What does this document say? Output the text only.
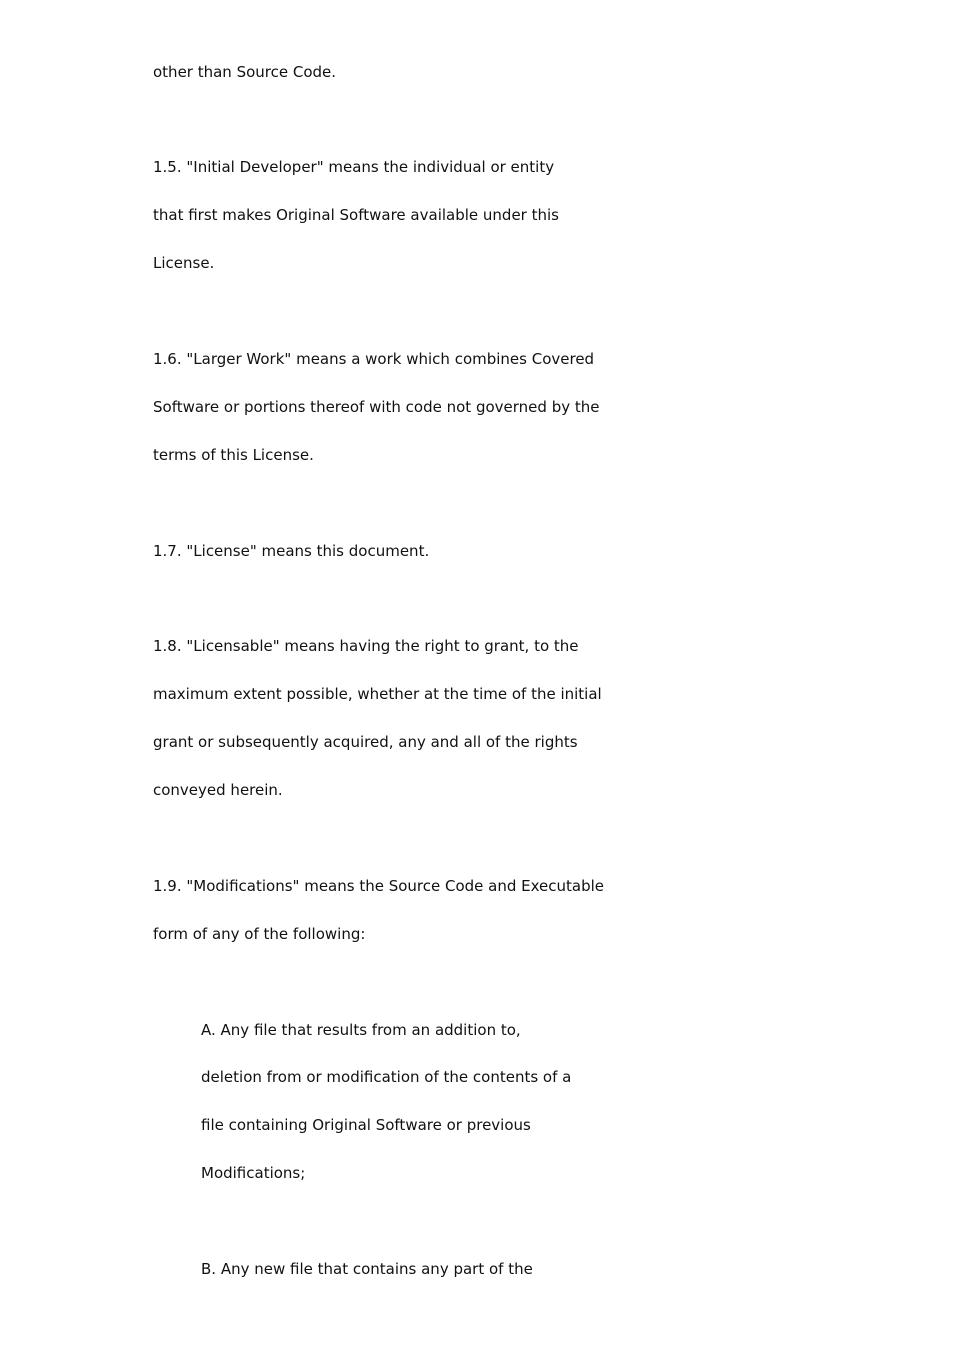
other than Source Code.
1.5. "Initial Developer" means the individual or entity
that first makes Original Software available under this
License.
1.6. "Larger Work" means a work which combines Covered
Software or portions thereof with code not governed by the
terms of this License.
1.7. "License" means this document.
1.8. "Licensable" means having the right to grant, to the
maximum extent possible, whether at the time of the initial
grant or subsequently acquired, any and all of the rights
conveyed herein.
1.9. "Modifications" means the Source Code and Executable
form of any of the following:
A. Any file that results from an addition to,
deletion from or modification of the contents of a
file containing Original Software or previous
Modifications;
B. Any new file that contains any part of the
